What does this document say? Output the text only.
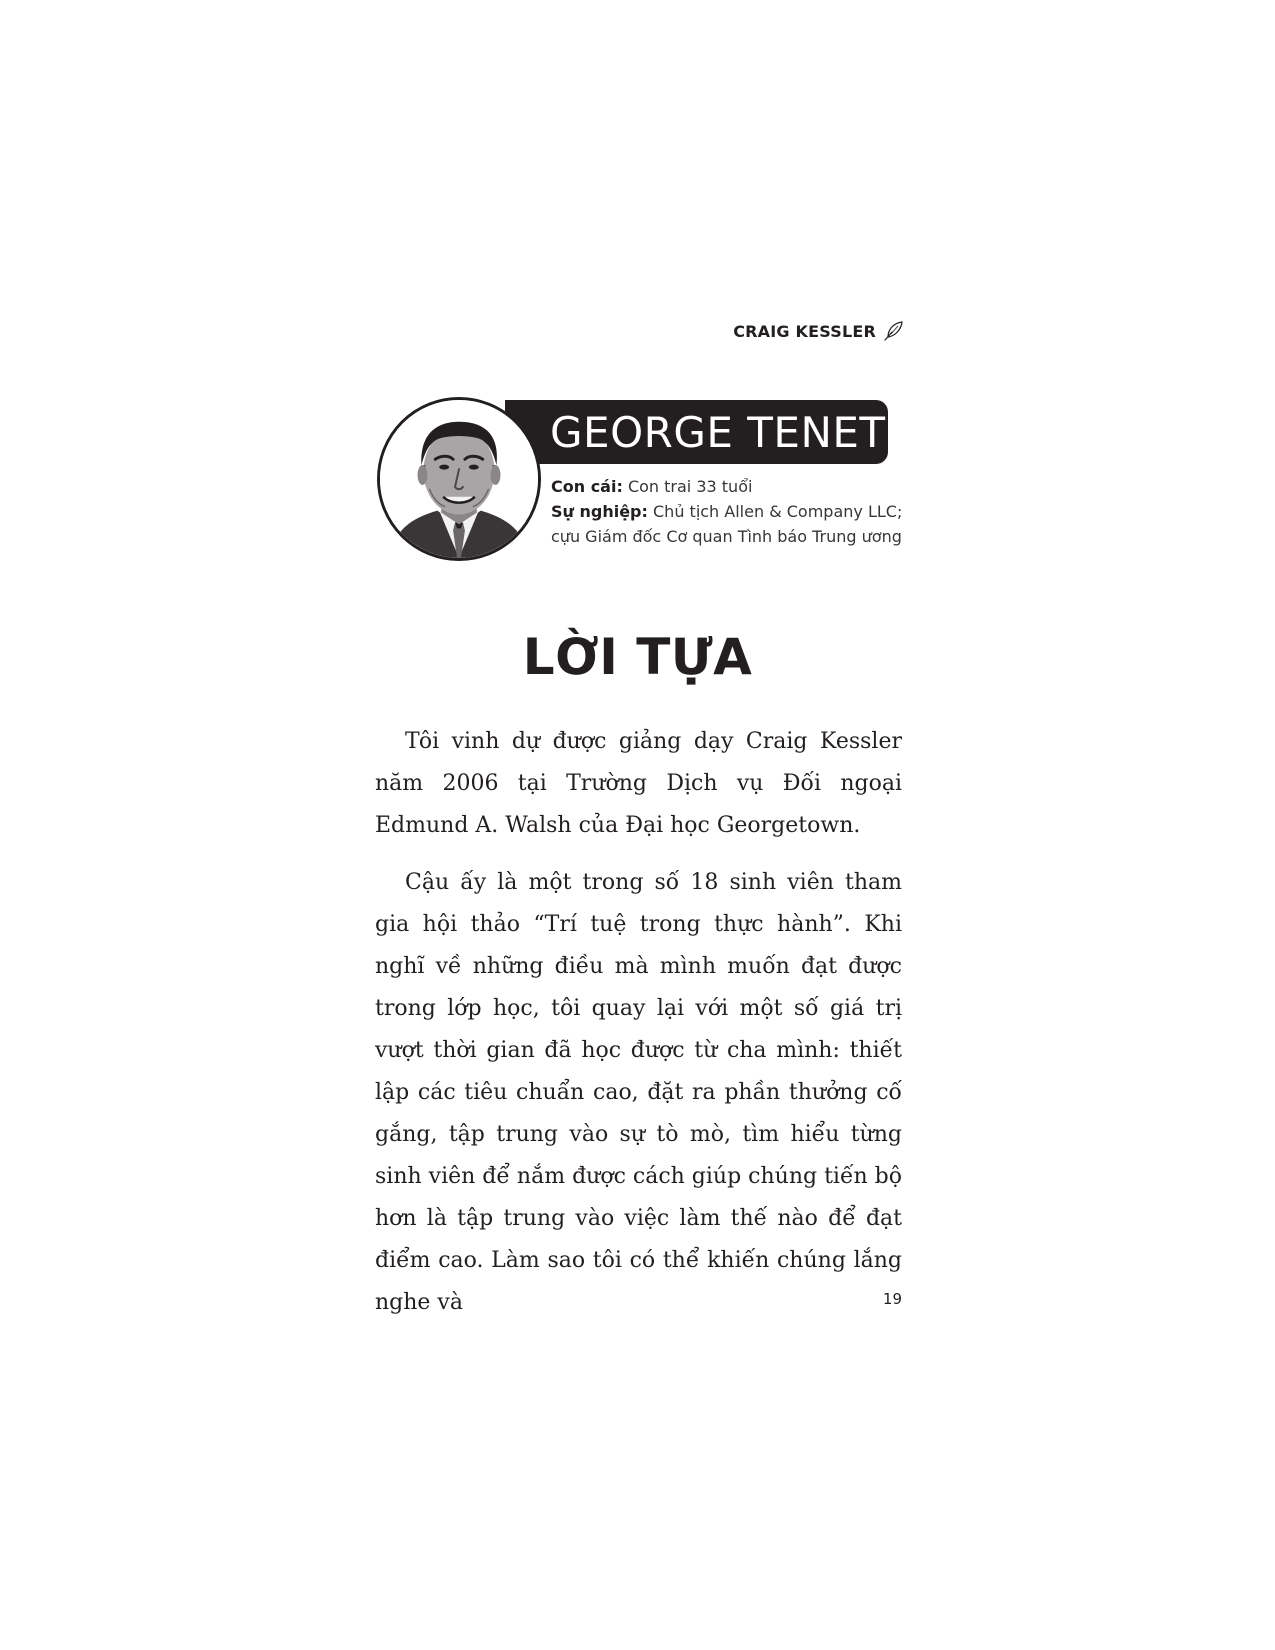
CRAIG KESSLER
GEORGE TENET
Con cái: Con trai 33 tuổi
Sự nghiệp: Chủ tịch Allen & Company LLC;
cựu Giám đốc Cơ quan Tình báo Trung ương
LỜI TỰA

Tôi vinh dự được giảng dạy Craig Kessler năm 2006 tại Trường Dịch vụ Đối ngoại Edmund A. Walsh của Đại học Georgetown.

Cậu ấy là một trong số 18 sinh viên tham gia hội thảo “Trí tuệ trong thực hành”. Khi nghĩ về những điều mà mình muốn đạt được trong lớp học, tôi quay lại với một số giá trị vượt thời gian đã học được từ cha mình: thiết lập các tiêu chuẩn cao, đặt ra phần thưởng cố gắng, tập trung vào sự tò mò, tìm hiểu từng sinh viên để nắm được cách giúp chúng tiến bộ hơn là tập trung vào việc làm thế nào để đạt điểm cao. Làm sao tôi có thể khiến chúng lắng nghe và	19
